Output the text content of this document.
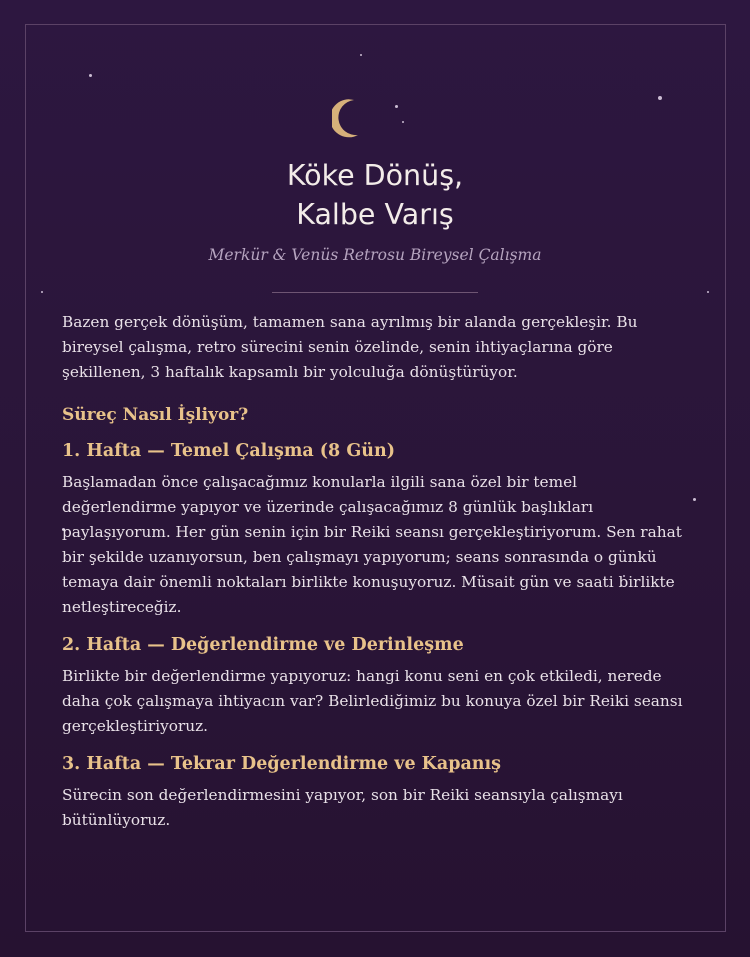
Köke Dönüş,
Kalbe Varış
Merkür & Venüs Retrosu Bireysel Çalışma

Bazen gerçek dönüşüm, tamamen sana ayrılmış bir alanda gerçekleşir. Bu bireysel çalışma, retro sürecini senin özelinde, senin ihtiyaçlarına göre şekillenen, 3 haftalık kapsamlı bir yolculuğa dönüştürüyor.

Süreç Nasıl İşliyor?
1. Hafta — Temel Çalışma (8 Gün)

Başlamadan önce çalışacağımız konularla ilgili sana özel bir temel değerlendirme yapıyor ve üzerinde çalışacağımız 8 günlük başlıkları paylaşıyorum. Her gün senin için bir Reiki seansı gerçekleştiriyorum. Sen rahat bir şekilde uzanıyorsun, ben çalışmayı yapıyorum; seans sonrasında o günkü temaya dair önemli noktaları birlikte konuşuyoruz. Müsait gün ve saati birlikte netleştireceğiz.

2. Hafta — Değerlendirme ve Derinleşme

Birlikte bir değerlendirme yapıyoruz: hangi konu seni en çok etkiledi, nerede daha çok çalışmaya ihtiyacın var? Belirlediğimiz bu konuya özel bir Reiki seansı gerçekleştiriyoruz.

3. Hafta — Tekrar Değerlendirme ve Kapanış

Sürecin son değerlendirmesini yapıyor, son bir Reiki seansıyla çalışmayı bütünlüyoruz.
